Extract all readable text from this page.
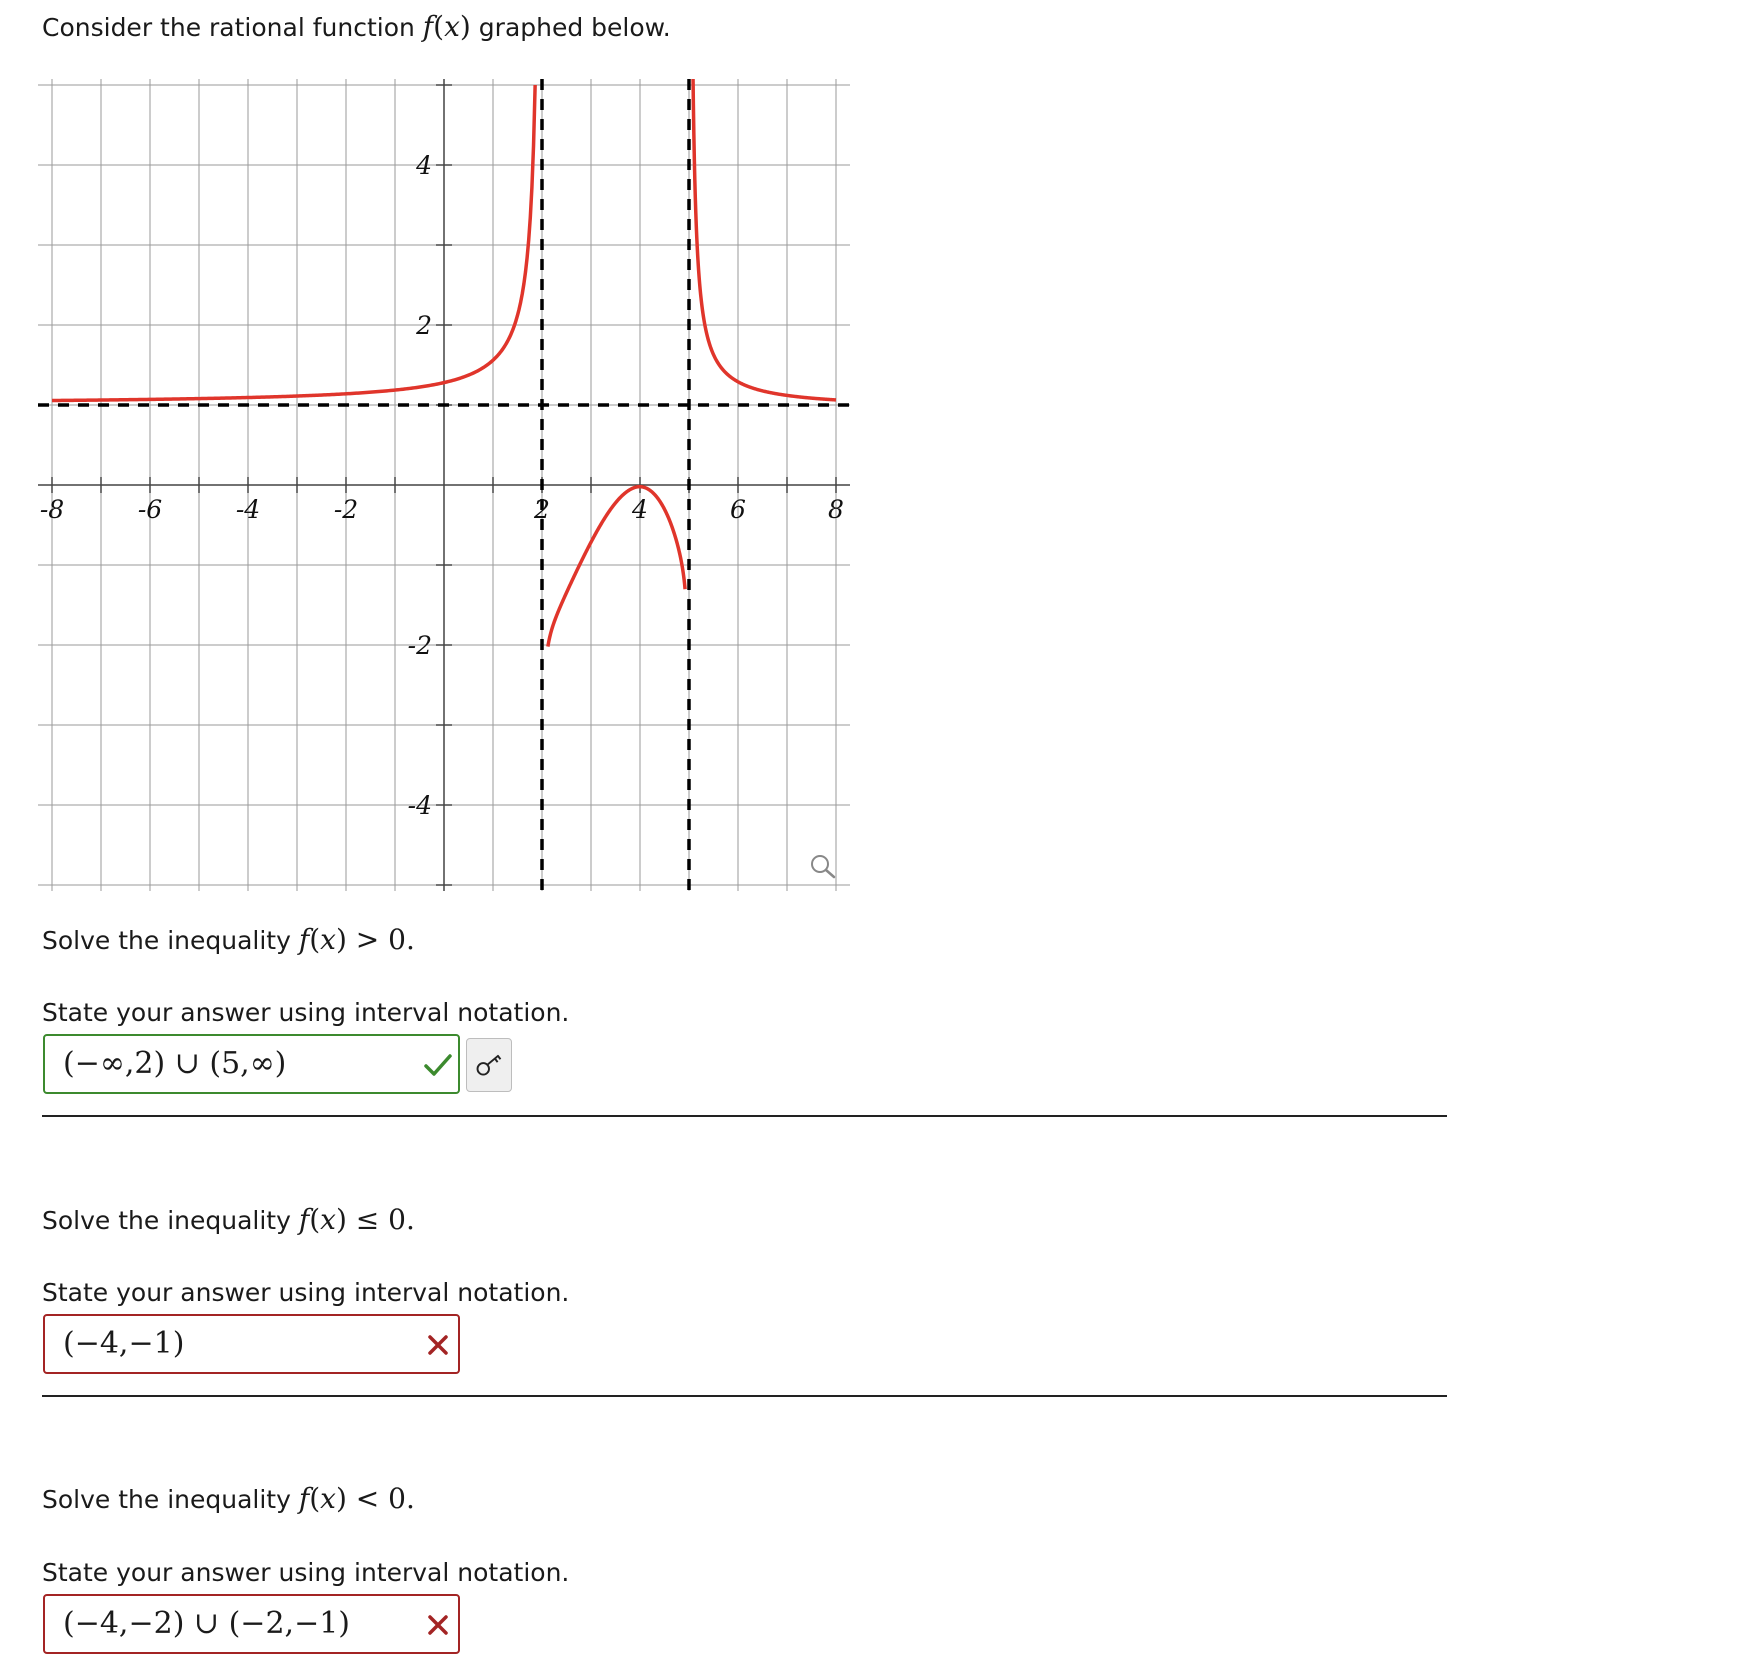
Consider the rational function f(x) graphed below.
-8	-6	-4	-2	2	4	6	8
4
2
-2
-4
Solve the inequality f(x) > 0.
State your answer using interval notation.
(−∞,2) ∪ (5,∞)
Solve the inequality f(x) ≤ 0.
State your answer using interval notation.
(−4,−1)
Solve the inequality f(x) < 0.
State your answer using interval notation.
(−4,−2) ∪ (−2,−1)
